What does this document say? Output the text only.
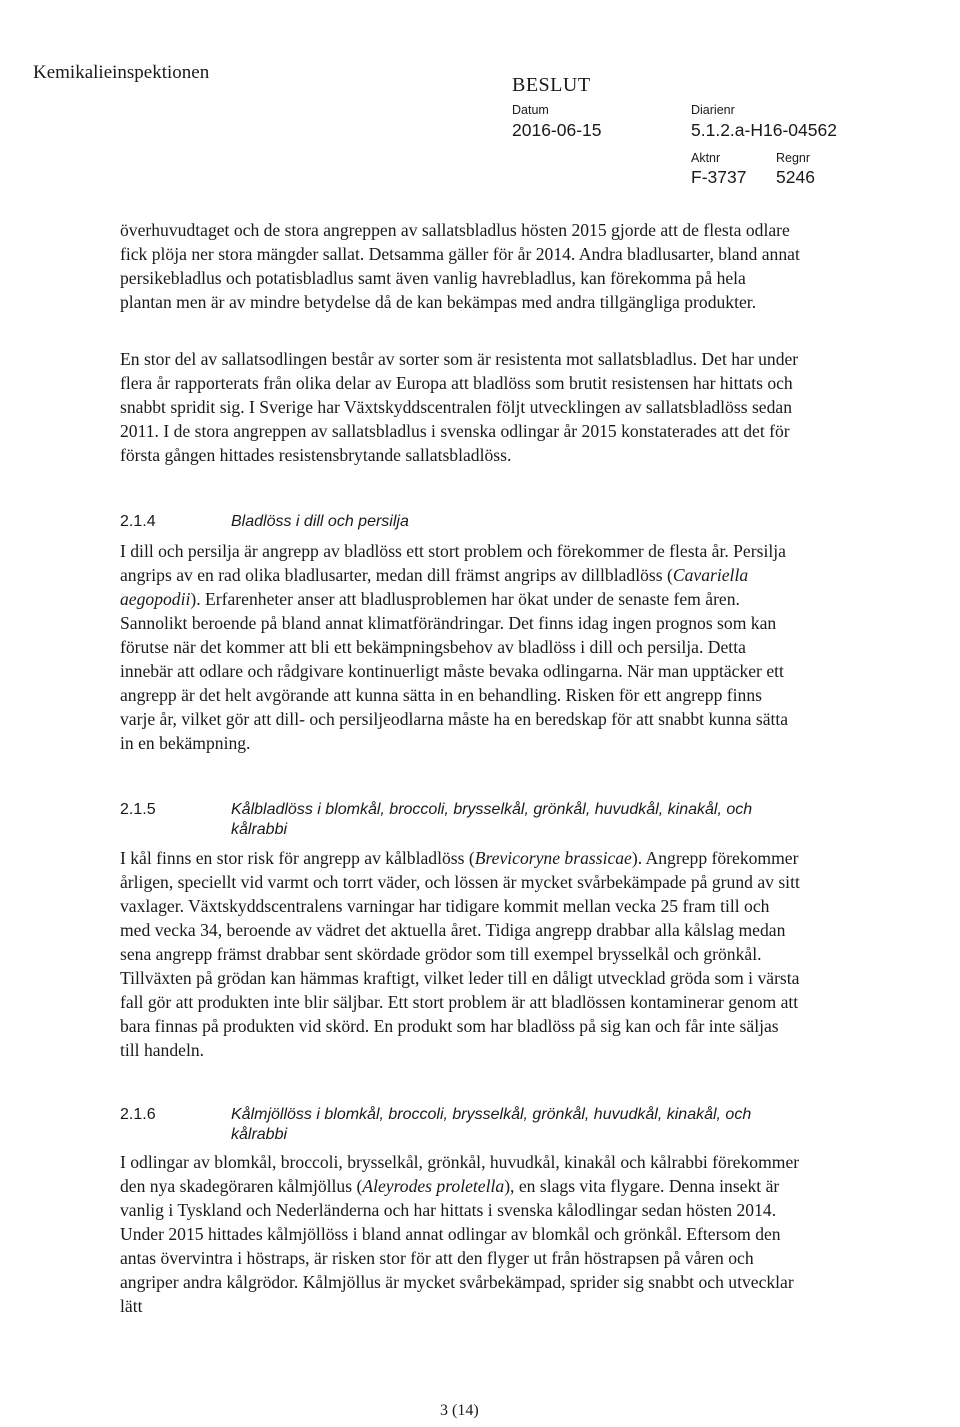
Kemikalieinspektionen
BESLUT
Datum
2016-06-15
Diarienr
5.1.2.a-H16-04562
Aktnr
F-3737
Regnr
5246

överhuvudtaget och de stora angreppen av sallatsbladlus hösten 2015 gjorde att de flesta odlare fick plöja ner stora mängder sallat. Detsamma gäller för år 2014. Andra bladlusarter, bland annat persikebladlus och potatisbladlus samt även vanlig havrebladlus, kan förekomma på hela plantan men är av mindre betydelse då de kan bekämpas med andra tillgängliga produkter.

En stor del av sallatsodlingen består av sorter som är resistenta mot sallatsbladlus. Det har under flera år rapporterats från olika delar av Europa att bladlöss som brutit resistensen har hittats och snabbt spridit sig. I Sverige har Växtskyddscentralen följt utvecklingen av sallatsbladlöss sedan 2011. I de stora angreppen av sallatsbladlus i svenska odlingar år 2015 konstaterades att det för första gången hittades resistensbrytande sallatsbladlöss.

2.1.4	Bladlöss i dill och persilja

I dill och persilja är angrepp av bladlöss ett stort problem och förekommer de flesta år. Persilja angrips av en rad olika bladlusarter, medan dill främst angrips av dillbladlöss (Cavariella aegopodii). Erfarenheter anser att bladlusproblemen har ökat under de senaste fem åren. Sannolikt beroende på bland annat klimatförändringar. Det finns idag ingen prognos som kan förutse när det kommer att bli ett bekämpningsbehov av bladlöss i dill och persilja. Detta innebär att odlare och rådgivare kontinuerligt måste bevaka odlingarna. När man upptäcker ett angrepp är det helt avgörande att kunna sätta in en behandling. Risken för ett angrepp finns varje år, vilket gör att dill- och persiljeodlarna måste ha en beredskap för att snabbt kunna sätta in en bekämpning.

2.1.5	Kålbladlöss i blomkål, broccoli, brysselkål, grönkål, huvudkål, kinakål, och kålrabbi

I kål finns en stor risk för angrepp av kålbladlöss (Brevicoryne brassicae). Angrepp förekommer årligen, speciellt vid varmt och torrt väder, och lössen är mycket svårbekämpade på grund av sitt vaxlager. Växtskyddscentralens varningar har tidigare kommit mellan vecka 25 fram till och med vecka 34, beroende av vädret det aktuella året. Tidiga angrepp drabbar alla kålslag medan sena angrepp främst drabbar sent skördade grödor som till exempel brysselkål och grönkål. Tillväxten på grödan kan hämmas kraftigt, vilket leder till en dåligt utvecklad gröda som i värsta fall gör att produkten inte blir säljbar. Ett stort problem är att bladlössen kontaminerar genom att bara finnas på produkten vid skörd. En produkt som har bladlöss på sig kan och får inte säljas till handeln.

2.1.6	Kålmjöllöss i blomkål, broccoli, brysselkål, grönkål, huvudkål, kinakål, och kålrabbi

I odlingar av blomkål, broccoli, brysselkål, grönkål, huvudkål, kinakål och kålrabbi förekommer den nya skadegöraren kålmjöllus (Aleyrodes proletella), en slags vita flygare. Denna insekt är vanlig i Tyskland och Nederländerna och har hittats i svenska kålodlingar sedan hösten 2014. Under 2015 hittades kålmjöllöss i bland annat odlingar av blomkål och grönkål. Eftersom den antas övervintra i höstraps, är risken stor för att den flyger ut från höstrapsen på våren och angriper andra kålgrödor. Kålmjöllus är mycket svårbekämpad, sprider sig snabbt och utvecklar lätt

3 (14)
